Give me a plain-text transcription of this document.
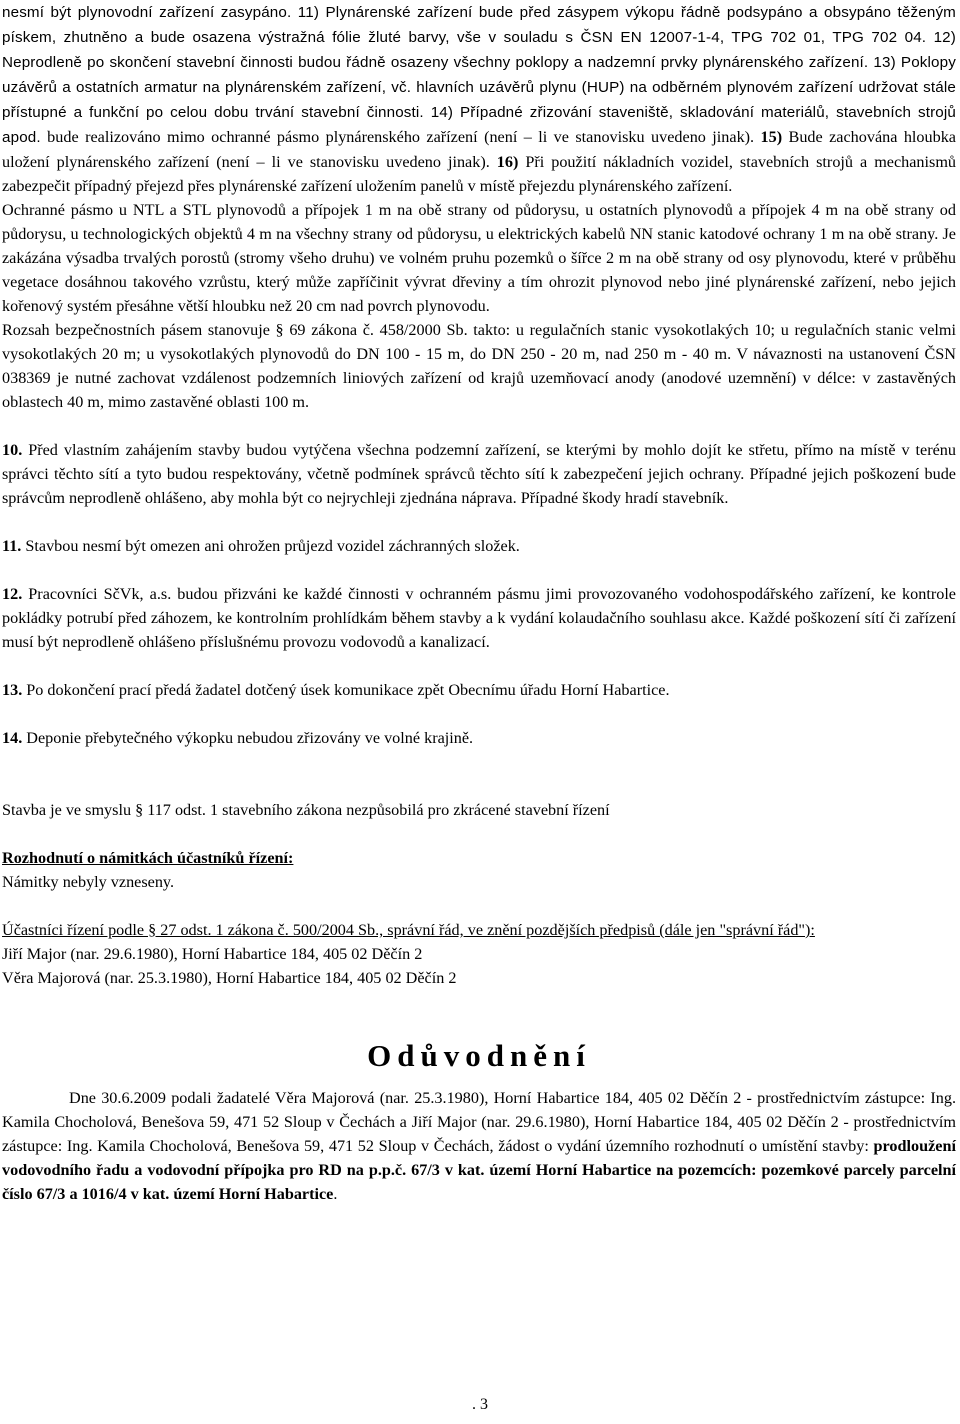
nesmí být plynovodní zařízení zasypáno. 11) Plynárenské zařízení bude před zásypem výkopu řádně podsypáno a obsypáno těženým pískem, zhutněno a bude osazena výstražná fólie žluté barvy, vše v souladu s ČSN EN 12007-1-4, TPG 702 01, TPG 702 04. 12) Neprodleně po skončení stavební činnosti budou řádně osazeny všechny poklopy a nadzemní prvky plynárenského zařízení. 13) Poklopy uzávěrů a ostatních armatur na plynárenském zařízení, vč. hlavních uzávěrů plynu (HUP) na odběrném plynovém zařízení udržovat stále přístupné a funkční po celou dobu trvání stavební činnosti. 14) Případné zřizování staveniště, skladování materiálů, stavebních strojů apod. bude realizováno mimo ochranné pásmo plynárenského zařízení (není – li ve stanovisku uvedeno jinak). 15) Bude zachována hloubka uložení plynárenského zařízení (není – li ve stanovisku uvedeno jinak). 16) Při použití nákladních vozidel, stavebních strojů a mechanismů zabezpečit případný přejezd přes plynárenské zařízení uložením panelů v místě přejezdu plynárenského zařízení.

Ochranné pásmo u NTL a STL plynovodů a přípojek 1 m na obě strany od půdorysu, u ostatních plynovodů a přípojek 4 m na obě strany od půdorysu, u technologických objektů 4 m na všechny strany od půdorysu, u elektrických kabelů NN stanic katodové ochrany 1 m na obě strany. Je zakázána výsadba trvalých porostů (stromy všeho druhu) ve volném pruhu pozemků o šířce 2 m na obě strany od osy plynovodu, které v průběhu vegetace dosáhnou takového vzrůstu, který může zapříčinit vývrat dřeviny a tím ohrozit plynovod nebo jiné plynárenské zařízení, nebo jejich kořenový systém přesáhne větší hloubku než 20 cm nad povrch plynovodu.

Rozsah bezpečnostních pásem stanovuje § 69 zákona č. 458/2000 Sb. takto: u regulačních stanic vysokotlakých 10; u regulačních stanic velmi vysokotlakých 20 m; u vysokotlakých plynovodů do DN 100 - 15 m, do DN 250 - 20 m, nad 250 m - 40 m. V návaznosti na ustanovení ČSN 038369 je nutné zachovat vzdálenost podzemních liniových zařízení od krajů uzemňovací anody (anodové uzemnění) v délce: v zastavěných oblastech 40 m, mimo zastavěné oblasti 100 m.

10. Před vlastním zahájením stavby budou vytýčena všechna podzemní zařízení, se kterými by mohlo dojít ke střetu, přímo na místě v terénu správci těchto sítí a tyto budou respektovány, včetně podmínek správců těchto sítí k zabezpečení jejich ochrany. Případné jejich poškození bude správcům neprodleně ohlášeno, aby mohla být co nejrychleji zjednána náprava. Případné škody hradí stavebník.

11. Stavbou nesmí být omezen ani ohrožen průjezd vozidel záchranných složek.

12. Pracovníci SčVk, a.s. budou přizváni ke každé činnosti v ochranném pásmu jimi provozovaného vodohospodářského zařízení, ke kontrole pokládky potrubí před záhozem, ke kontrolním prohlídkám během stavby a k vydání kolaudačního souhlasu akce. Každé poškození sítí či zařízení musí být neprodleně ohlášeno příslušnému provozu vodovodů a kanalizací.

13. Po dokončení prací předá žadatel dotčený úsek komunikace zpět Obecnímu úřadu Horní Habartice.

14. Deponie přebytečného výkopku nebudou zřizovány ve volné krajině.

Stavba je ve smyslu § 117 odst. 1 stavebního zákona nezpůsobilá pro zkrácené stavební řízení

Rozhodnutí o námitkách účastníků řízení:

Námitky nebyly vzneseny.

Účastníci řízení podle § 27 odst. 1 zákona č. 500/2004 Sb., správní řád, ve znění pozdějších předpisů (dále jen "správní řád"):

Jiří Major (nar. 29.6.1980), Horní Habartice 184, 405 02 Děčín 2

Věra Majorová (nar. 25.3.1980), Horní Habartice 184, 405 02 Děčín 2

Odůvodnění

Dne 30.6.2009 podali žadatelé Věra Majorová (nar. 25.3.1980), Horní Habartice 184, 405 02 Děčín 2 - prostřednictvím zástupce: Ing. Kamila Chocholová, Benešova 59, 471 52 Sloup v Čechách a Jiří Major (nar. 29.6.1980), Horní Habartice 184, 405 02 Děčín 2 - prostřednictvím zástupce: Ing. Kamila Chocholová, Benešova 59, 471 52 Sloup v Čechách, žádost o vydání územního rozhodnutí o umístění stavby: prodloužení vodovodního řadu a vodovodní přípojka pro RD na p.p.č. 67/3 v kat. území Horní Habartice na pozemcích: pozemkové parcely parcelní číslo 67/3 a 1016/4 v kat. území Horní Habartice.

. 3
